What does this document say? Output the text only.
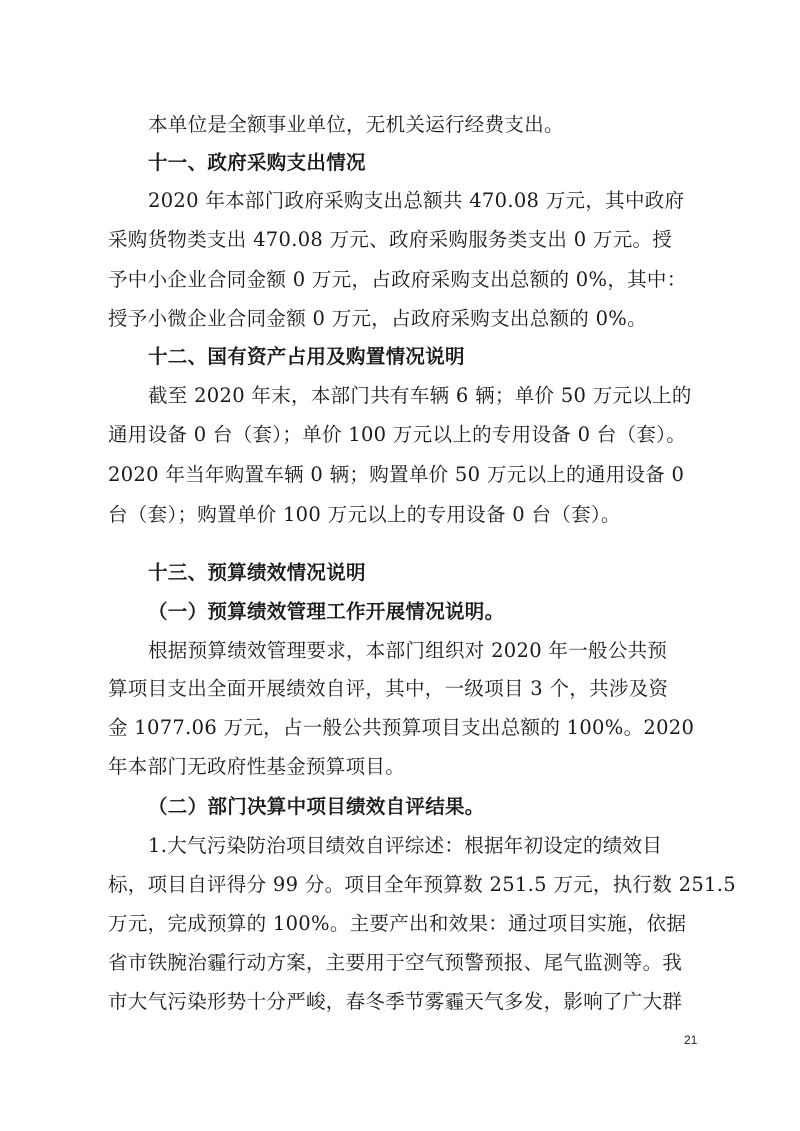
本单位是全额事业单位，无机关运行经费支出。
十一、政府采购支出情况
2020 年本部门政府采购支出总额共 470.08 万元，其中政府
采购货物类支出 470.08 万元、政府采购服务类支出 0 万元。授
予中小企业合同金额 0 万元，占政府采购支出总额的 0%，其中：
授予小微企业合同金额 0 万元，占政府采购支出总额的 0%。
十二、国有资产占用及购置情况说明
截至 2020 年末，本部门共有车辆 6 辆；单价 50 万元以上的
通用设备 0 台（套）；单价 100 万元以上的专用设备 0 台（套）。
2020 年当年购置车辆 0 辆；购置单价 50 万元以上的通用设备 0
台（套）；购置单价 100 万元以上的专用设备 0 台（套）。
十三、预算绩效情况说明
（一）预算绩效管理工作开展情况说明。
根据预算绩效管理要求，本部门组织对 2020 年一般公共预
算项目支出全面开展绩效自评，其中，一级项目 3 个，共涉及资
金 1077.06 万元，占一般公共预算项目支出总额的 100%。2020
年本部门无政府性基金预算项目。
（二）部门决算中项目绩效自评结果。
1.大气污染防治项目绩效自评综述：根据年初设定的绩效目
标，项目自评得分 99 分。项目全年预算数 251.5 万元，执行数 251.5
万元，完成预算的 100%。主要产出和效果：通过项目实施，依据
省市铁腕治霾行动方案，主要用于空气预警预报、尾气监测等。我
市大气污染形势十分严峻，春冬季节雾霾天气多发，影响了广大群
21
